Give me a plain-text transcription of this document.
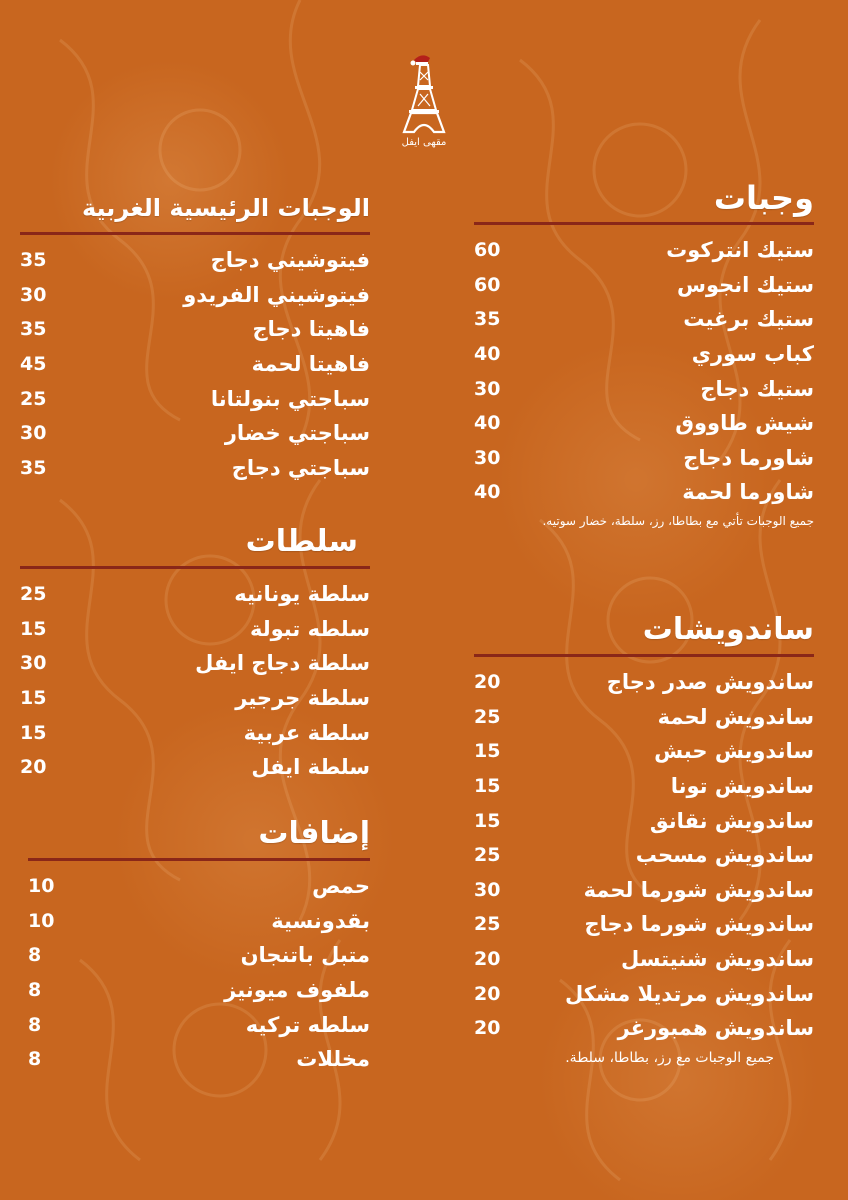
مقهى ايفل
وجبات
ستيك انتركوت
60
ستيك انجوس
60
ستيك برغيت
35
كباب سوري
40
ستيك دجاج
30
شيش طاووق
40
شاورما دجاج
30
شاورما لحمة
40
جميع الوجبات تأتي مع بطاطا، رز، سلطة، خضار سوتيه.
الوجبات الرئيسية الغربية
فيتوشيني دجاج
35
فيتوشيني الفريدو
30
فاهيتا دجاج
35
فاهيتا لحمة
45
سباجتي بنولتانا
25
سباجتي خضار
30
سباجتي دجاج
35
سلطات
سلطة يونانيه
25
سلطه تبولة
15
سلطة دجاج ايفل
30
سلطة جرجير
15
سلطة عربية
15
سلطة ايفل
20
ساندويشات
ساندويش صدر دجاج
20
ساندويش لحمة
25
ساندويش حبش
15
ساندويش تونا
15
ساندويش نقانق
15
ساندويش مسحب
25
ساندويش شورما لحمة
30
ساندويش شورما دجاج
25
ساندويش شنيتسل
20
ساندويش مرتديلا مشكل
20
ساندويش همبورغر
20
جميع الوجبات مع رز، بطاطا، سلطة.
إضافات
حمص
10
بقدونسية
10
متبل باتنجان
8
ملفوف ميونيز
8
سلطه تركيه
8
مخللات
8
